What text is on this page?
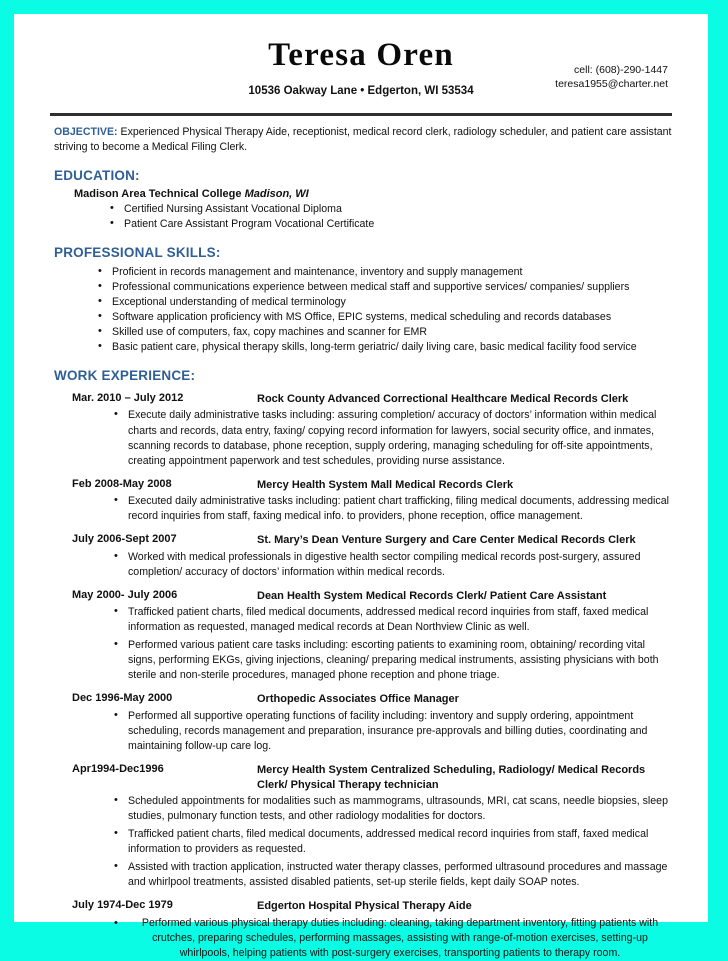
Teresa Oren
10536 Oakway Lane • Edgerton, WI 53534
cell: (608)-290-1447
teresa1955@charter.net
OBJECTIVE: Experienced Physical Therapy Aide, receptionist, medical record clerk, radiology scheduler, and patient care assistant striving to become a Medical Filing Clerk.
EDUCATION:
Madison Area Technical College Madison, WI
• Certified Nursing Assistant Vocational Diploma
• Patient Care Assistant Program Vocational Certificate
PROFESSIONAL SKILLS:
• Proficient in records management and maintenance, inventory and supply management
• Professional communications experience between medical staff and supportive services/ companies/ suppliers
• Exceptional understanding of medical terminology
• Software application proficiency with MS Office, EPIC systems, medical scheduling and records databases
• Skilled use of computers, fax, copy machines and scanner for EMR
• Basic patient care, physical therapy skills, long-term geriatric/ daily living care, basic medical facility food service
WORK EXPERIENCE:
Mar. 2010 – July 2012	Rock County Advanced Correctional Healthcare Medical Records Clerk
• Execute daily administrative tasks including: assuring completion/ accuracy of doctors’ information within medical charts and records, data entry, faxing/ copying record information for lawyers, social security office, and inmates, scanning records to database, phone reception, supply ordering, managing scheduling for off-site appointments, creating appointment paperwork and test schedules, providing nurse assistance.
Feb 2008-May 2008	Mercy Health System Mall Medical Records Clerk
• Executed daily administrative tasks including: patient chart trafficking, filing medical documents, addressing medical record inquiries from staff, faxing medical info. to providers, phone reception, office management.
July 2006-Sept 2007	St. Mary’s Dean Venture Surgery and Care Center Medical Records Clerk
• Worked with medical professionals in digestive health sector compiling medical records post-surgery, assured completion/ accuracy of doctors’ information within medical records.
May 2000- July 2006	Dean Health System Medical Records Clerk/ Patient Care Assistant
• Trafficked patient charts, filed medical documents, addressed medical record inquiries from staff, faxed medical information as requested, managed medical records at Dean Northview Clinic as well.
• Performed various patient care tasks including: escorting patients to examining room, obtaining/ recording vital signs, performing EKGs, giving injections, cleaning/ preparing medical instruments, assisting physicians with both sterile and non-sterile procedures, managed phone reception and phone triage.
Dec 1996-May 2000	Orthopedic Associates Office Manager
• Performed all supportive operating functions of facility including: inventory and supply ordering, appointment scheduling, records management and preparation, insurance pre-approvals and billing duties, coordinating and maintaining follow-up care log.
Apr1994-Dec1996	Mercy Health System Centralized Scheduling, Radiology/ Medical Records Clerk/ Physical Therapy technician
• Scheduled appointments for modalities such as mammograms, ultrasounds, MRI, cat scans, needle biopsies, sleep studies, pulmonary function tests, and other radiology modalities for doctors.
• Trafficked patient charts, filed medical documents, addressed medical record inquiries from staff, faxed medical information to providers as requested.
• Assisted with traction application, instructed water therapy classes, performed ultrasound procedures and massage and whirlpool treatments, assisted disabled patients, set-up sterile fields, kept daily SOAP notes.
July 1974-Dec 1979	Edgerton Hospital Physical Therapy Aide
• Performed various physical therapy duties including: cleaning, taking department inventory, fitting patients with crutches, preparing schedules, performing massages, assisting with range-of-motion exercises, setting-up whirlpools, helping patients with post-surgery exercises, transporting patients to therapy room.
